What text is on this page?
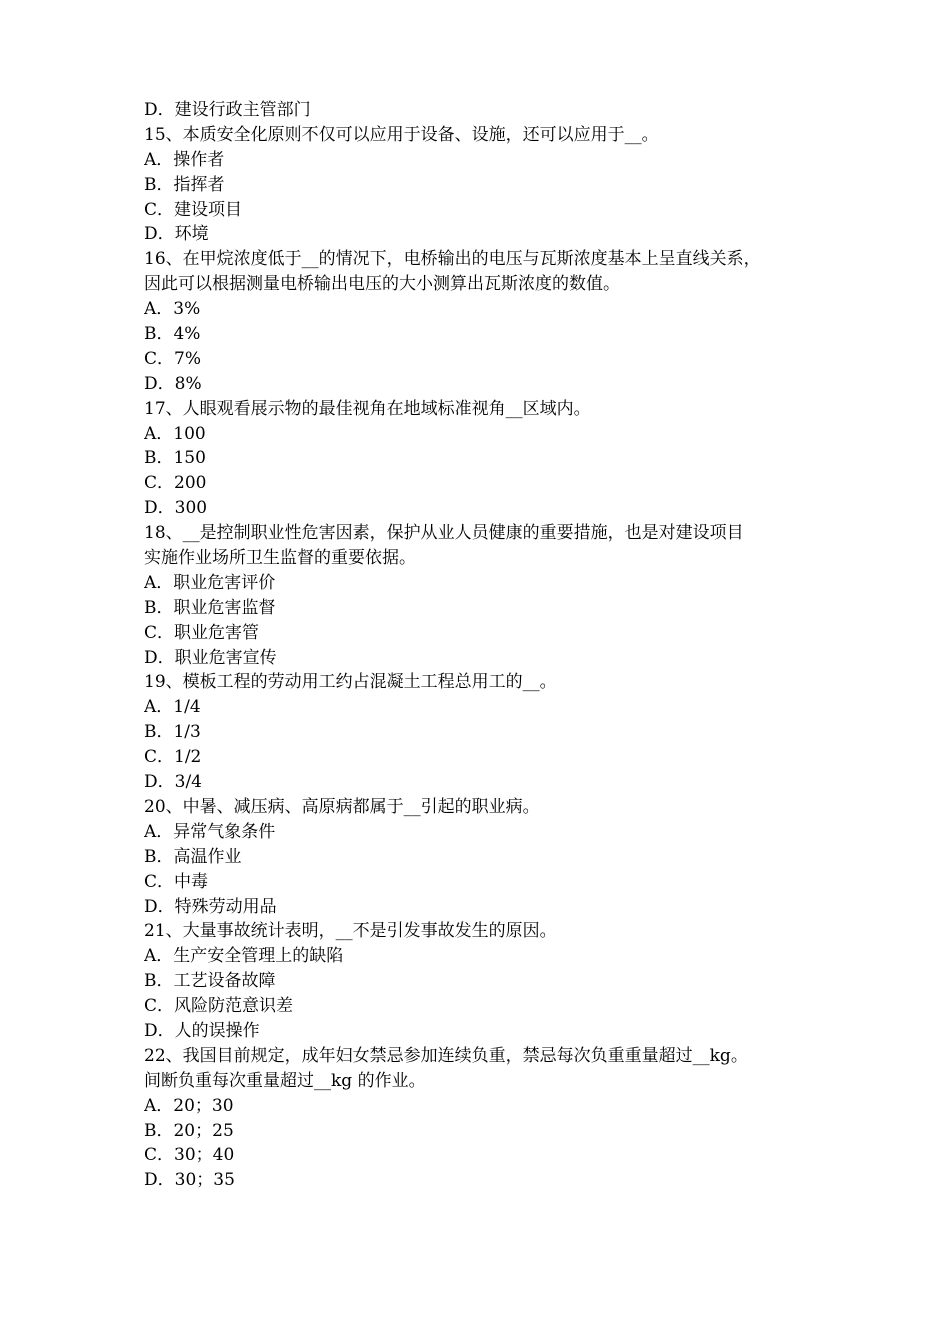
D．建设行政主管部门
15、本质安全化原则不仅可以应用于设备、设施，还可以应用于__。
A．操作者
B．指挥者
C．建设项目
D．环境
16、在甲烷浓度低于__的情况下，电桥输出的电压与瓦斯浓度基本上呈直线关系，
因此可以根据测量电桥输出电压的大小测算出瓦斯浓度的数值。
A．3%
B．4%
C．7%
D．8%
17、人眼观看展示物的最佳视角在地域标准视角__区域内。
A．100
B．150
C．200
D．300
18、__是控制职业性危害因素，保护从业人员健康的重要措施，也是对建设项目
实施作业场所卫生监督的重要依据。
A．职业危害评价
B．职业危害监督
C．职业危害管
D．职业危害宣传
19、模板工程的劳动用工约占混凝土工程总用工的__。
A．1/4
B．1/3
C．1/2
D．3/4
20、中暑、减压病、高原病都属于__引起的职业病。
A．异常气象条件
B．高温作业
C．中毒
D．特殊劳动用品
21、大量事故统计表明，__不是引发事故发生的原因。
A．生产安全管理上的缺陷
B．工艺设备故障
C．风险防范意识差
D．人的误操作
22、我国目前规定，成年妇女禁忌参加连续负重，禁忌每次负重重量超过__kg。
间断负重每次重量超过__kg 的作业。
A．20；30
B．20；25
C．30；40
D．30；35
